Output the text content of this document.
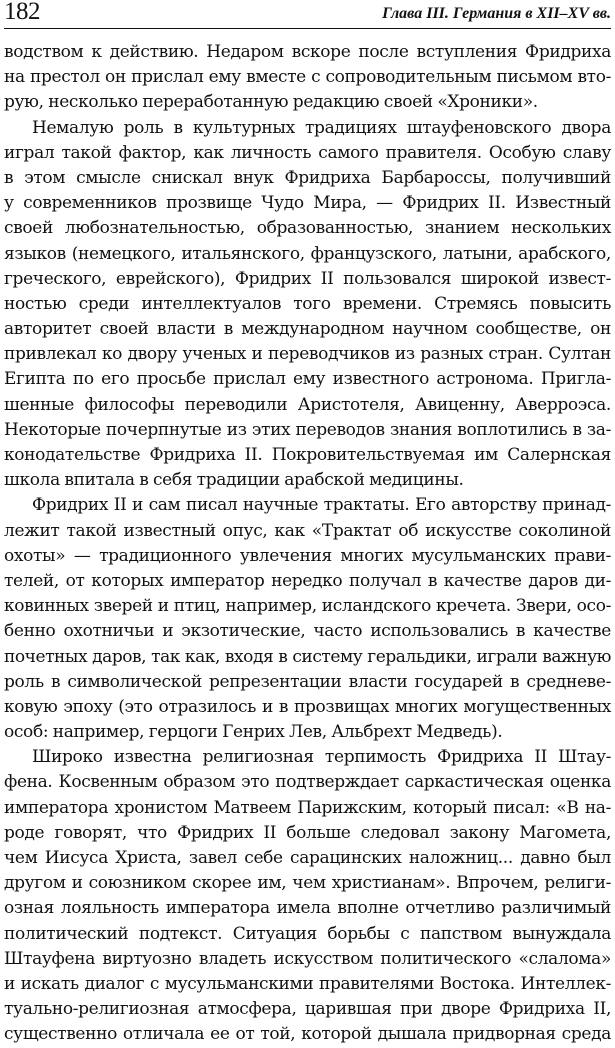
182	Глава III. Германия в XII–XV вв.
водством к действию. Недаром вскоре после вступления Фридриха
на престол он прислал ему вместе с сопроводительным письмом вто-
рую, несколько переработанную редакцию своей «Хроники».
Немалую роль в культурных традициях штауфеновского двора
играл такой фактор, как личность самого правителя. Особую славу
в этом смысле снискал внук Фридриха Барбароссы, получивший
у современников прозвище Чудо Мира, — Фридрих II. Известный
своей любознательностью, образованностью, знанием нескольких
языков (немецкого, итальянского, французского, латыни, арабского,
греческого, еврейского), Фридрих II пользовался широкой извест-
ностью среди интеллектуалов того времени. Стремясь повысить
авторитет своей власти в международном научном сообществе, он
привлекал ко двору ученых и переводчиков из разных стран. Султан
Египта по его просьбе прислал ему известного астронома. Пригла-
шенные философы переводили Аристотеля, Авиценну, Аверроэса.
Некоторые почерпнутые из этих переводов знания воплотились в за-
конодательстве Фридриха II. Покровительствуемая им Салернская
школа впитала в себя традиции арабской медицины.
Фридрих II и сам писал научные трактаты. Его авторству принад-
лежит такой известный опус, как «Трактат об искусстве соколиной
охоты» — традиционного увлечения многих мусульманских прави-
телей, от которых император нередко получал в качестве даров ди-
ковинных зверей и птиц, например, исландского кречета. Звери, осо-
бенно охотничьи и экзотические, часто использовались в качестве
почетных даров, так как, входя в систему геральдики, играли важную
роль в символической репрезентации власти государей в средневе-
ковую эпоху (это отразилось и в прозвищах многих могущественных
особ: например, герцоги Генрих Лев, Альбрехт Медведь).
Широко известна религиозная терпимость Фридриха II Штау-
фена. Косвенным образом это подтверждает саркастическая оценка
императора хронистом Матвеем Парижским, который писал: «В на-
роде говорят, что Фридрих II больше следовал закону Магомета,
чем Иисуса Христа, завел себе сарацинских наложниц... давно был
другом и союзником скорее им, чем христианам». Впрочем, религи-
озная лояльность императора имела вполне отчетливо различимый
политический подтекст. Ситуация борьбы с папством вынуждала
Штауфена виртуозно владеть искусством политического «слалома»
и искать диалог с мусульманскими правителями Востока. Интеллек-
туально-религиозная атмосфера, царившая при дворе Фридриха II,
существенно отличала ее от той, которой дышала придворная среда
